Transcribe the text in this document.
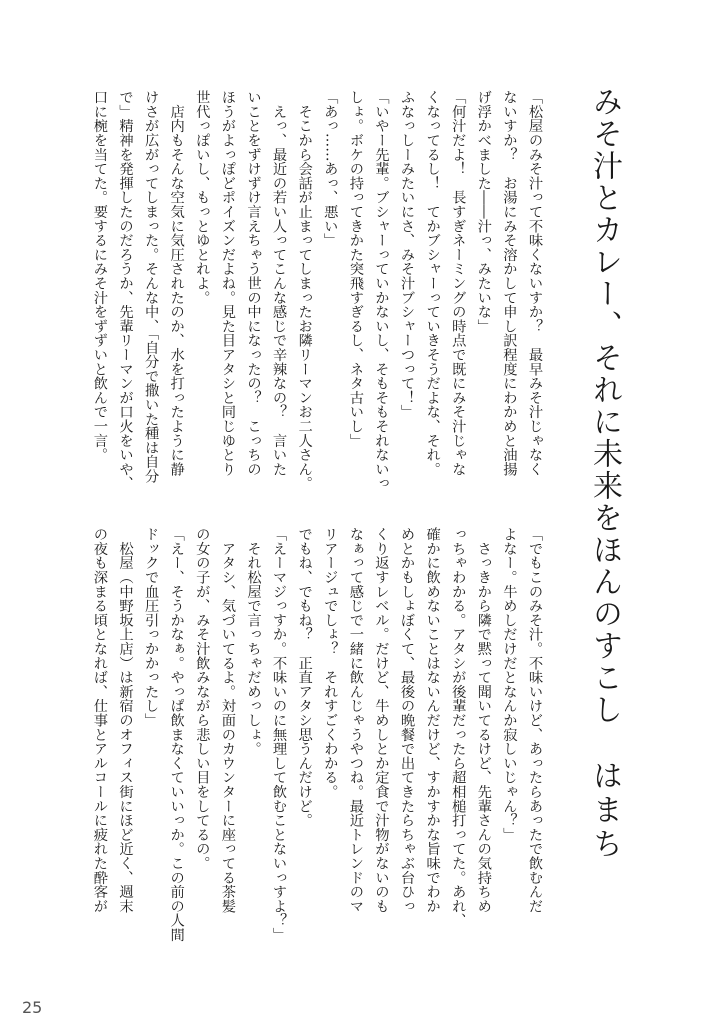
みそ汁とカレー、それに未来をほんのすこし
はまち

「松屋のみそ汁って不味くないすか？　最早みそ汁じゃなく

ないすか？　お湯にみそ溶かして申し訳程度にわかめと油揚

げ浮かべました――汁っ、みたいな」

「何汁だよ！　長すぎネーミングの時点で既にみそ汁じゃな

くなってるし！　てかブシャーっていきそうだよな、それ。

ふなっしーみたいにさ、みそ汁ブシャーつって！」

「いやー先輩。ブシャーっていかないし、そもそもそれないっ

しょ。ボケの持ってきかた突飛すぎるし、ネタ古いし」

「あっ……あっ、悪い」

　そこから会話が止まってしまったお隣リーマンお二人さん。

　えっ、最近の若い人ってこんな感じで辛辣なの？　言いた

いことをずけずけ言えちゃう世の中になったの？　こっちの

ほうがよっぽどポイズンだよね。見た目アタシと同じゆとり

世代っぽいし、もっとゆとれよ。

　店内もそんな空気に気圧されたのか、水を打ったように静

けさが広がってしまった。そんな中、「自分で撒いた種は自分

で」精神を発揮したのだろうか、先輩リーマンが口火をいや、

口に椀を当てた。要するにみそ汁をずずいと飲んで一言。

「でもこのみそ汁。不味いけど、あったらあったで飲むんだ

よなー。牛めしだけだとなんか寂しいじゃん？」

　さっきから隣で黙って聞いてるけど、先輩さんの気持ちめ

っちゃわかる。アタシが後輩だったら超相槌打ってた。あれ、

確かに飲めないことはないんだけど、すかすかな旨味でわか

めとかもしょぼくて、最後の晩餐で出てきたらちゃぶ台ひっ

くり返すレベル。だけど、牛めしとか定食で汁物がないのも

なぁって感じで一緒に飲んじゃうやつね。最近トレンドのマ

リアージュでしょ？　それすごくわかる。

でもね、でもね？　正直アタシ思うんだけど。

「えーマジっすか。不味いのに無理して飲むことないっすよ？」

　それ松屋で言っちゃだめっしょ。

　アタシ、気づいてるよ。対面のカウンターに座ってる茶髪

の女の子が、みそ汁飲みながら悲しい目をしてるの。

「えー、そうかなぁ。やっぱ飲まなくていいっか。この前の人間

ドックで血圧引っかかったし」

　松屋（中野坂上店）は新宿のオフィス街にほど近く、週末

の夜も深まる頃となれば、仕事とアルコールに疲れた酔客が

25
